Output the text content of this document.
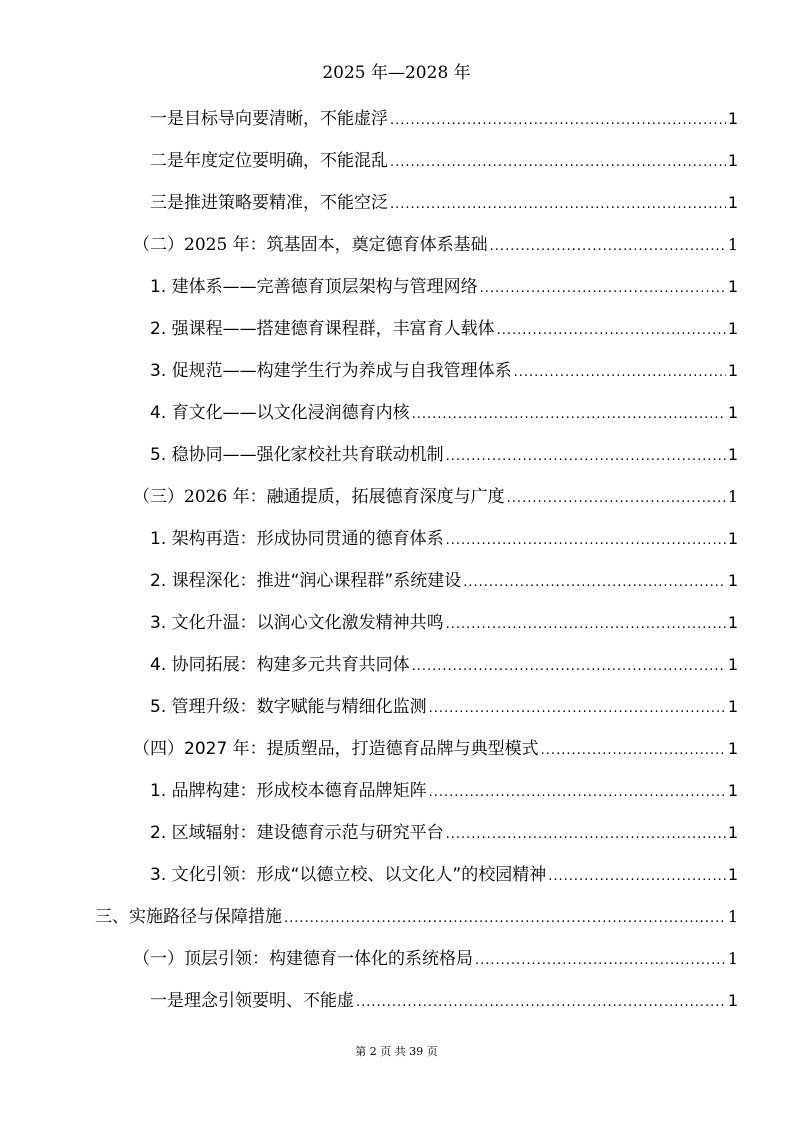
2025 年—2028 年
一是目标导向要清晰，不能虚浮 .....	1
二是年度定位要明确，不能混乱 .....	1
三是推进策略要精准，不能空泛 .....	1
（二）2025 年：筑基固本，奠定德育体系基础 .....	1
1. 建体系——完善德育顶层架构与管理网络 .....	1
2. 强课程——搭建德育课程群，丰富育人载体 .....	1
3. 促规范——构建学生行为养成与自我管理体系 .....	1
4. 育文化——以文化浸润德育内核 .....	1
5. 稳协同——强化家校社共育联动机制 .....	1
（三）2026 年：融通提质，拓展德育深度与广度 .....	1
1. 架构再造：形成协同贯通的德育体系 .....	1
2. 课程深化：推进“润心课程群”系统建设 .....	1
3. 文化升温：以润心文化激发精神共鸣 .....	1
4. 协同拓展：构建多元共育共同体 .....	1
5. 管理升级：数字赋能与精细化监测 .....	1
（四）2027 年：提质塑品，打造德育品牌与典型模式 .....	1
1. 品牌构建：形成校本德育品牌矩阵 .....	1
2. 区域辐射：建设德育示范与研究平台 .....	1
3. 文化引领：形成“以德立校、以文化人”的校园精神 .....	1
三、实施路径与保障措施 .....	1
（一）顶层引领：构建德育一体化的系统格局 .....	1
一是理念引领要明、不能虚 .....	1
第 2 页 共 39 页
